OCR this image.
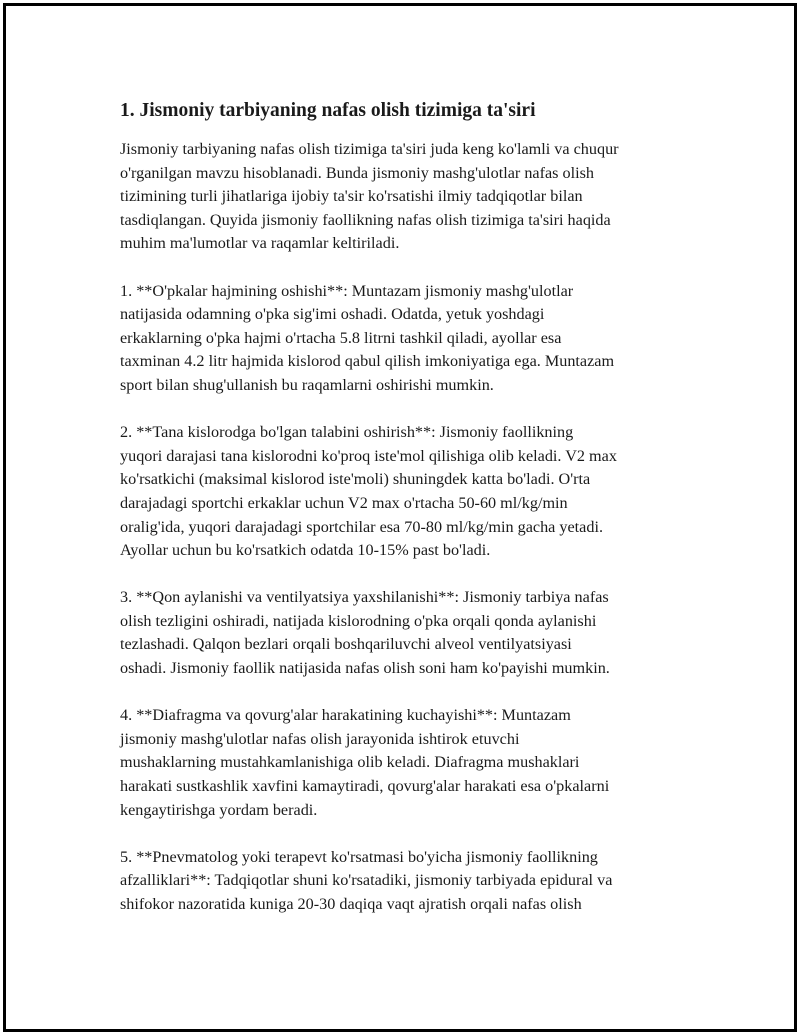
1. Jismoniy tarbiyaning nafas olish tizimiga ta'siri

Jismoniy tarbiyaning nafas olish tizimiga ta'siri juda keng ko'lamli va chuqur
o'rganilgan mavzu hisoblanadi. Bunda jismoniy mashg'ulotlar nafas olish
tizimining turli jihatlariga ijobiy ta'sir ko'rsatishi ilmiy tadqiqotlar bilan
tasdiqlangan. Quyida jismoniy faollikning nafas olish tizimiga ta'siri haqida
muhim ma'lumotlar va raqamlar keltiriladi.

1. **O'pkalar hajmining oshishi**: Muntazam jismoniy mashg'ulotlar
natijasida odamning o'pka sig'imi oshadi. Odatda, yetuk yoshdagi
erkaklarning o'pka hajmi o'rtacha 5.8 litrni tashkil qiladi, ayollar esa
taxminan 4.2 litr hajmida kislorod qabul qilish imkoniyatiga ega. Muntazam
sport bilan shug'ullanish bu raqamlarni oshirishi mumkin.

2. **Tana kislorodga bo'lgan talabini oshirish**: Jismoniy faollikning
yuqori darajasi tana kislorodni ko'proq iste'mol qilishiga olib keladi. V2 max
ko'rsatkichi (maksimal kislorod iste'moli) shuningdek katta bo'ladi. O'rta
darajadagi sportchi erkaklar uchun V2 max o'rtacha 50-60 ml/kg/min
oralig'ida, yuqori darajadagi sportchilar esa 70-80 ml/kg/min gacha yetadi.
Ayollar uchun bu ko'rsatkich odatda 10-15% past bo'ladi.

3. **Qon aylanishi va ventilyatsiya yaxshilanishi**: Jismoniy tarbiya nafas
olish tezligini oshiradi, natijada kislorodning o'pka orqali qonda aylanishi
tezlashadi. Qalqon bezlari orqali boshqariluvchi alveol ventilyatsiyasi
oshadi. Jismoniy faollik natijasida nafas olish soni ham ko'payishi mumkin.

4. **Diafragma va qovurg'alar harakatining kuchayishi**: Muntazam
jismoniy mashg'ulotlar nafas olish jarayonida ishtirok etuvchi
mushaklarning mustahkamlanishiga olib keladi. Diafragma mushaklari
harakati sustkashlik xavfini kamaytiradi, qovurg'alar harakati esa o'pkalarni
kengaytirishga yordam beradi.

5. **Pnevmatolog yoki terapevt ko'rsatmasi bo'yicha jismoniy faollikning
afzalliklari**: Tadqiqotlar shuni ko'rsatadiki, jismoniy tarbiyada epidural va
shifokor nazoratida kuniga 20-30 daqiqa vaqt ajratish orqali nafas olish
